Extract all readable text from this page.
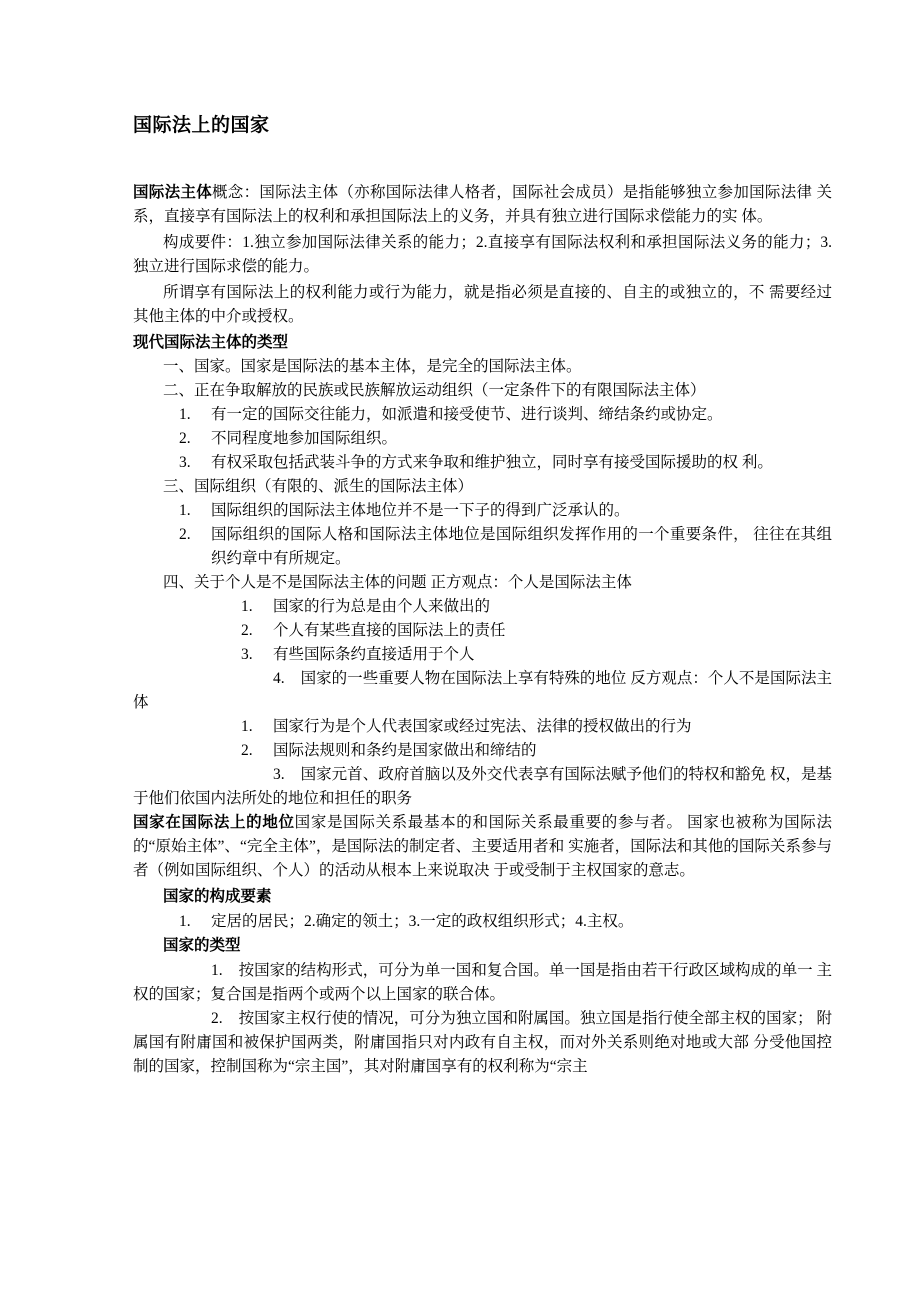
国际法上的国家

国际法主体概念：国际法主体（亦称国际法律人格者，国际社会成员）是指能够独立参加国际法律 关系，直接享有国际法上的权利和承担国际法上的义务，并具有独立进行国际求偿能力的实 体。

构成要件：1.独立参加国际法律关系的能力；2.直接享有国际法权利和承担国际法义务的能力；3.独立进行国际求偿的能力。

所谓享有国际法上的权利能力或行为能力，就是指必须是直接的、自主的或独立的，不 需要经过其他主体的中介或授权。

现代国际法主体的类型

一、国家。国家是国际法的基本主体，是完全的国际法主体。

二、正在争取解放的民族或民族解放运动组织（一定条件下的有限国际法主体）

1.	有一定的国际交往能力，如派遣和接受使节、进行谈判、缔结条约或协定。

2.	不同程度地参加国际组织。

3.	有权采取包括武装斗争的方式来争取和维护独立，同时享有接受国际援助的权 利。

三、国际组织（有限的、派生的国际法主体）

1.	国际组织的国际法主体地位并不是一下子的得到广泛承认的。

2.	国际组织的国际人格和国际法主体地位是国际组织发挥作用的一个重要条件， 往往在其组织约章中有所规定。

四、关于个人是不是国际法主体的问题 正方观点：个人是国际法主体

1.	国家的行为总是由个人来做出的

2.	个人有某些直接的国际法上的责任

3.	有些国际条约直接适用于个人

4. 国家的一些重要人物在国际法上享有特殊的地位 反方观点：个人不是国际法主体

1.	国家行为是个人代表国家或经过宪法、法律的授权做出的行为

2.	国际法规则和条约是国家做出和缔结的

3. 国家元首、政府首脑以及外交代表享有国际法赋予他们的特权和豁免 权，是基于他们依国内法所处的地位和担任的职务

国家在国际法上的地位国家是国际关系最基本的和国际关系最重要的参与者。 国家也被称为国际法的“原始主体”、“完全主体”，是国际法的制定者、主要适用者和 实施者，国际法和其他的国际关系参与者（例如国际组织、个人）的活动从根本上来说取决 于或受制于主权国家的意志。

国家的构成要素

1.	定居的居民；2.确定的领土；3.一定的政权组织形式；4.主权。

国家的类型

1. 按国家的结构形式，可分为单一国和复合国。单一国是指由若干行政区域构成的单一 主权的国家；复合国是指两个或两个以上国家的联合体。

2. 按国家主权行使的情况，可分为独立国和附属国。独立国是指行使全部主权的国家； 附属国有附庸国和被保护国两类，附庸国指只对内政有自主权，而对外关系则绝对地或大部 分受他国控制的国家，控制国称为“宗主国”，其对附庸国享有的权利称为“宗主
